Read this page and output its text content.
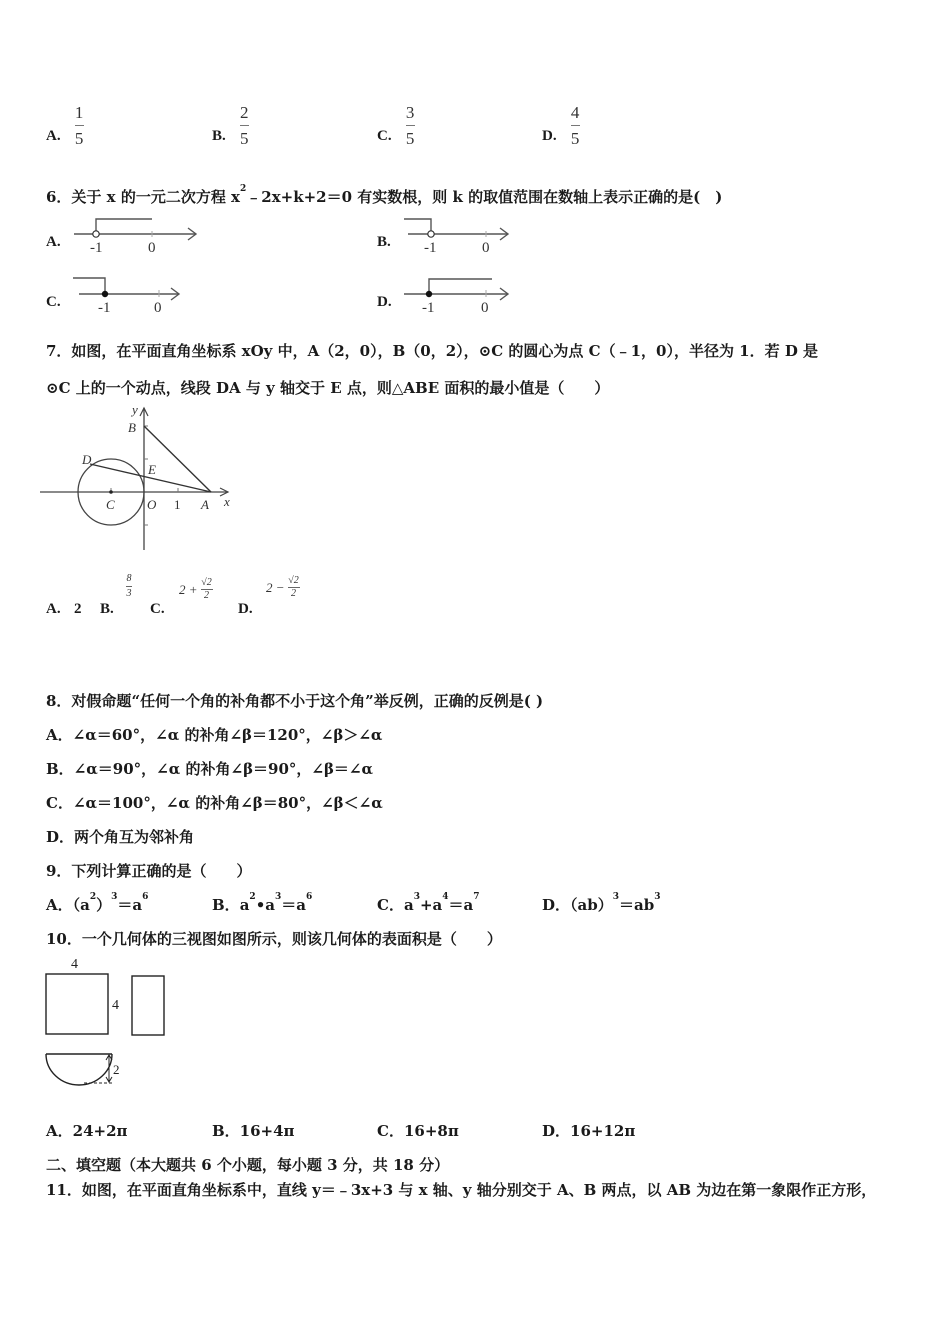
A. $\frac{1}{5}$	B. $\frac{2}{5}$	C. $\frac{3}{5}$	D. $\frac{4}{5}$
6．关于 x 的一元二次方程 $x^2﹣2x+k+2=0$ 有实数根，则 k 的取值范围在数轴上表示正确的是(　)
A. -1	0	B. -1	0
C. -1	0	D. -1	0
7．如图，在平面直角坐标系 xOy 中，A（2，0），B（0，2），⊙C 的圆心为点 C（﹣1，0），半径为 1．若 D 是
⊙C 上的一个动点，线段 DA 与 y 轴交于 E 点，则△ABE 面积的最小值是（　　）
y
B
D
E
C O 1 A x
A. 2 B.
8
3
C.
$2 + \frac{√2}{2}$
D.
$2 - \frac{√2}{2}$
8．对假命题“任何一个角的补角都不小于这个角”举反例，正确的反例是( )
A．∠α＝60°，∠α 的补角∠β＝120°，∠β＞∠α
B．∠α＝90°，∠α 的补角∠β＝90°，∠β＝∠α
C．∠α＝100°，∠α 的补角∠β＝80°，∠β＜∠α
D．两个角互为邻补角
9．下列计算正确的是（　　）
A．$(a^2)^3=a^6$	B．$a^2•a^3=a^6$	C．$a^3+a^4=a^7$	D．$(ab)^3=ab^3$
10．一个几何体的三视图如图所示，则该几何体的表面积是（　　）
4
4
2
A．24+2π	B．16+4π	C．16+8π	D．16+12π
二、填空题（本大题共 6 个小题，每小题 3 分，共 18 分）
11．如图，在平面直角坐标系中，直线 y＝﹣3x+3 与 x 轴、y 轴分别交于 A、B 两点，以 AB 为边在第一象限作正方形，
